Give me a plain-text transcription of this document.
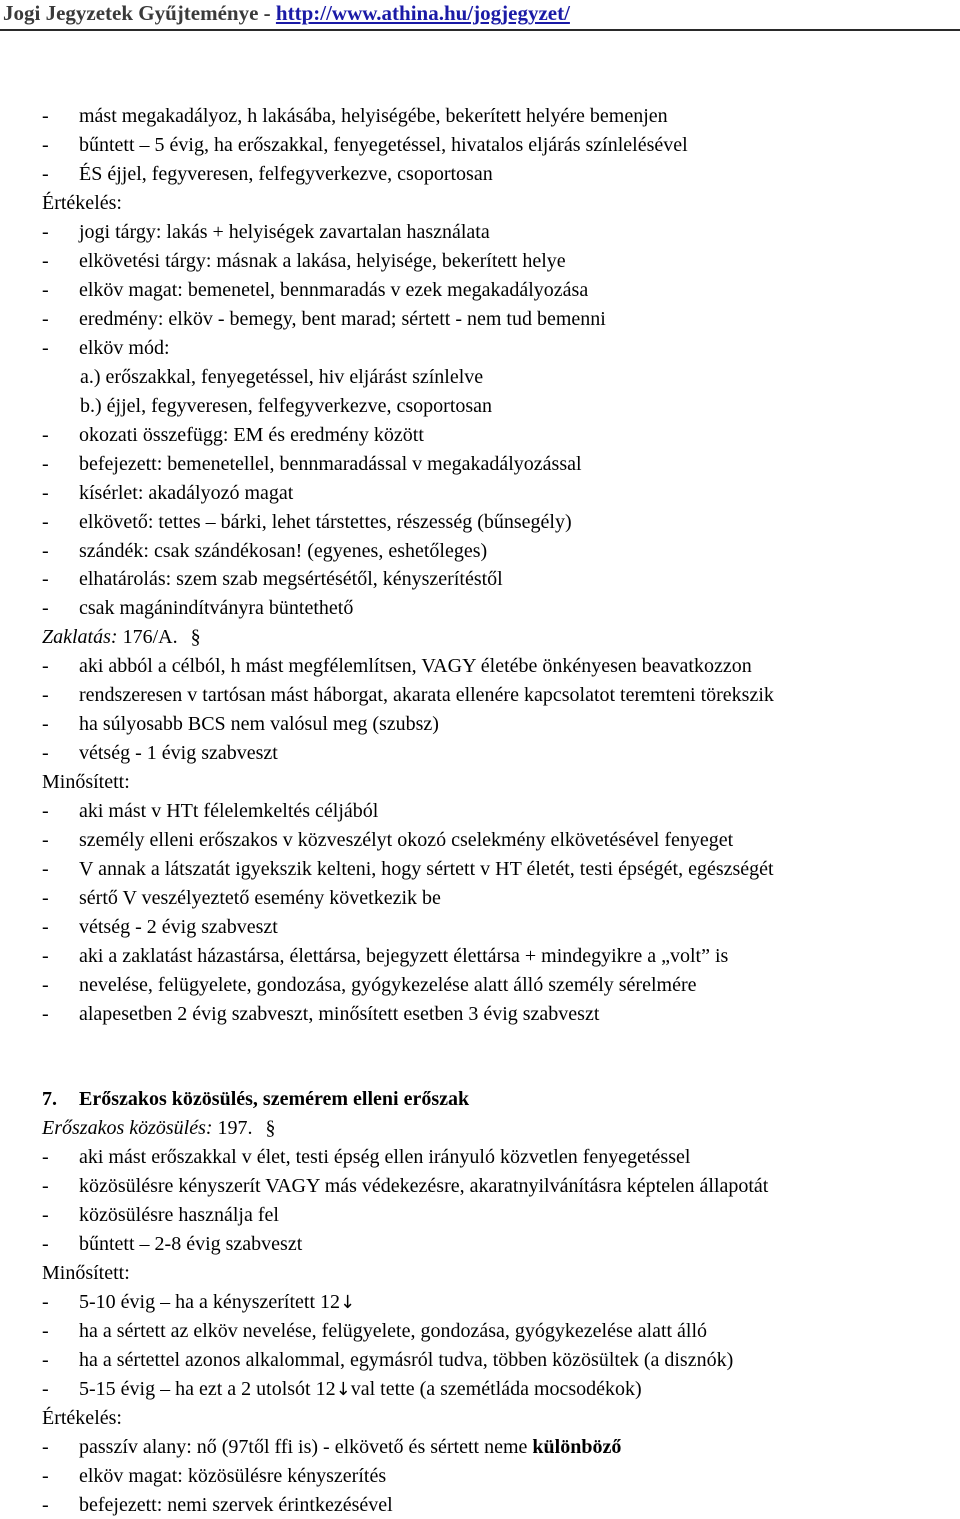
Jogi Jegyzetek Gyűjteménye - http://www.athina.hu/jogjegyzet/
- mást megakadályoz, h lakásába, helyiségébe, bekerített helyére bemenjen
- bűntett – 5 évig, ha erőszakkal, fenyegetéssel, hivatalos eljárás színlelésével
- ÉS éjjel, fegyveresen, felfegyverkezve, csoportosan
Értékelés:
- jogi tárgy: lakás + helyiségek zavartalan használata
- elkövetési tárgy: másnak a lakása, helyisége, bekerített helye
- elköv magat: bemenetel, bennmaradás v ezek megakadályozása
- eredmény: elköv - bemegy, bent marad; sértett - nem tud bemenni
- elköv mód:
a.) erőszakkal, fenyegetéssel, hiv eljárást színlelve
b.) éjjel, fegyveresen, felfegyverkezve, csoportosan
- okozati összefügg: EM és eredmény között
- befejezett: bemenetellel, bennmaradással v megakadályozással
- kísérlet: akadályozó magat
- elkövető: tettes – bárki, lehet társtettes, részesség (bűnsegély)
- szándék: csak szándékosan! (egyenes, eshetőleges)
- elhatárolás: szem szab megsértésétől, kényszerítéstől
- csak magánindítványra büntethető
Zaklatás: 176/A. §
- aki abból a célból, h mást megfélemlítsen, VAGY életébe önkényesen beavatkozzon
- rendszeresen v tartósan mást háborgat, akarata ellenére kapcsolatot teremteni törekszik
- ha súlyosabb BCS nem valósul meg (szubsz)
- vétség - 1 évig szabveszt
Minősített:
- aki mást v HTt félelemkeltés céljából
- személy elleni erőszakos v közveszélyt okozó cselekmény elkövetésével fenyeget
- V annak a látszatát igyekszik kelteni, hogy sértett v HT életét, testi épségét, egészségét
- sértő V veszélyeztető esemény következik be
- vétség - 2 évig szabveszt
- aki a zaklatást házastársa, élettársa, bejegyzett élettársa + mindegyikre a „volt” is
- nevelése, felügyelete, gondozása, gyógykezelése alatt álló személy sérelmére
- alapesetben 2 évig szabveszt, minősített esetben 3 évig szabveszt
7. Erőszakos közösülés, szemérem elleni erőszak
Erőszakos közösülés: 197. §
- aki mást erőszakkal v élet, testi épség ellen irányuló közvetlen fenyegetéssel
- közösülésre kényszerít VAGY más védekezésre, akaratnyilvánításra képtelen állapotát
- közösülésre használja fel
- bűntett – 2-8 évig szabveszt
Minősített:
- 5-10 évig – ha a kényszerített 12↓
- ha a sértett az elköv nevelése, felügyelete, gondozása, gyógykezelése alatt álló
- ha a sértettel azonos alkalommal, egymásról tudva, többen közösültek (a disznók)
- 5-15 évig – ha ezt a 2 utolsót 12↓val tette (a szemétláda mocsodékok)
Értékelés:
- passzív alany: nő (97től ffi is) - elkövető és sértett neme különböző
- elköv magat: közösülésre kényszerítés
- befejezett: nemi szervek érintkezésével
